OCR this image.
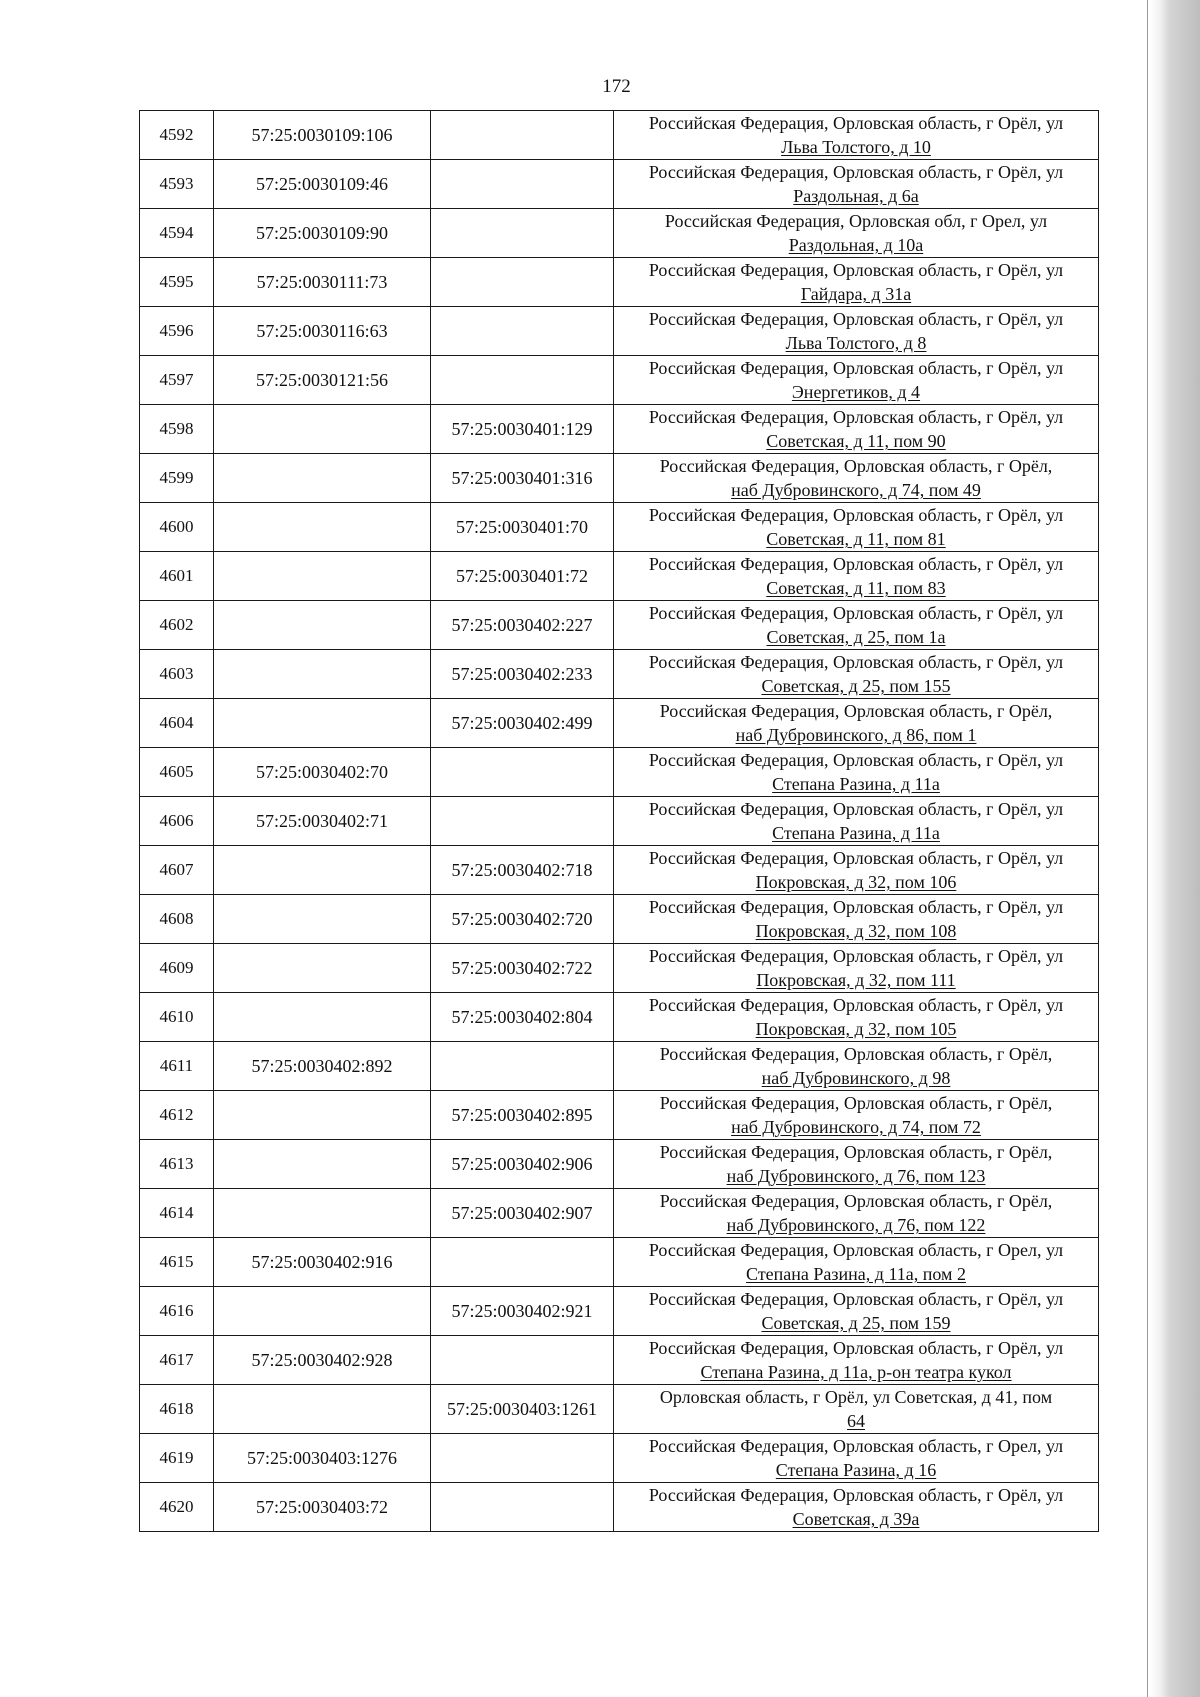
172
4592	57:25:0030109:106		Российская Федерация, Орловская область, г Орёл, ул
Льва Толстого, д 10

4593	57:25:0030109:46		Российская Федерация, Орловская область, г Орёл, ул
Раздольная, д 6а

4594	57:25:0030109:90		Российская Федерация, Орловская обл, г Орел, ул
Раздольная, д 10а

4595	57:25:0030111:73		Российская Федерация, Орловская область, г Орёл, ул
Гайдара, д 31а

4596	57:25:0030116:63		Российская Федерация, Орловская область, г Орёл, ул
Льва Толстого, д 8

4597	57:25:0030121:56		Российская Федерация, Орловская область, г Орёл, ул
Энергетиков, д 4

4598		57:25:0030401:129	Российская Федерация, Орловская область, г Орёл, ул
Советская, д 11, пом 90

4599		57:25:0030401:316	Российская Федерация, Орловская область, г Орёл,
наб Дубровинского, д 74, пом 49

4600		57:25:0030401:70	Российская Федерация, Орловская область, г Орёл, ул
Советская, д 11, пом 81

4601		57:25:0030401:72	Российская Федерация, Орловская область, г Орёл, ул
Советская, д 11, пом 83

4602		57:25:0030402:227	Российская Федерация, Орловская область, г Орёл, ул
Советская, д 25, пом 1а

4603		57:25:0030402:233	Российская Федерация, Орловская область, г Орёл, ул
Советская, д 25, пом 155

4604		57:25:0030402:499	Российская Федерация, Орловская область, г Орёл,
наб Дубровинского, д 86, пом 1

4605	57:25:0030402:70		Российская Федерация, Орловская область, г Орёл, ул
Степана Разина, д 11а

4606	57:25:0030402:71		Российская Федерация, Орловская область, г Орёл, ул
Степана Разина, д 11а

4607		57:25:0030402:718	Российская Федерация, Орловская область, г Орёл, ул
Покровская, д 32, пом 106

4608		57:25:0030402:720	Российская Федерация, Орловская область, г Орёл, ул
Покровская, д 32, пом 108

4609		57:25:0030402:722	Российская Федерация, Орловская область, г Орёл, ул
Покровская, д 32, пом 111

4610		57:25:0030402:804	Российская Федерация, Орловская область, г Орёл, ул
Покровская, д 32, пом 105

4611	57:25:0030402:892		Российская Федерация, Орловская область, г Орёл,
наб Дубровинского, д 98

4612		57:25:0030402:895	Российская Федерация, Орловская область, г Орёл,
наб Дубровинского, д 74, пом 72

4613		57:25:0030402:906	Российская Федерация, Орловская область, г Орёл,
наб Дубровинского, д 76, пом 123

4614		57:25:0030402:907	Российская Федерация, Орловская область, г Орёл,
наб Дубровинского, д 76, пом 122

4615	57:25:0030402:916		Российская Федерация, Орловская область, г Орел, ул
Степана Разина, д 11а, пом 2

4616		57:25:0030402:921	Российская Федерация, Орловская область, г Орёл, ул
Советская, д 25, пом 159

4617	57:25:0030402:928		Российская Федерация, Орловская область, г Орёл, ул
Степана Разина, д 11а, р-он театра кукол

4618		57:25:0030403:1261	Орловская область, г Орёл, ул Советская, д 41, пом
64

4619	57:25:0030403:1276		Российская Федерация, Орловская область, г Орел, ул
Степана Разина, д 16

4620	57:25:0030403:72		Российская Федерация, Орловская область, г Орёл, ул
Советская, д 39а
